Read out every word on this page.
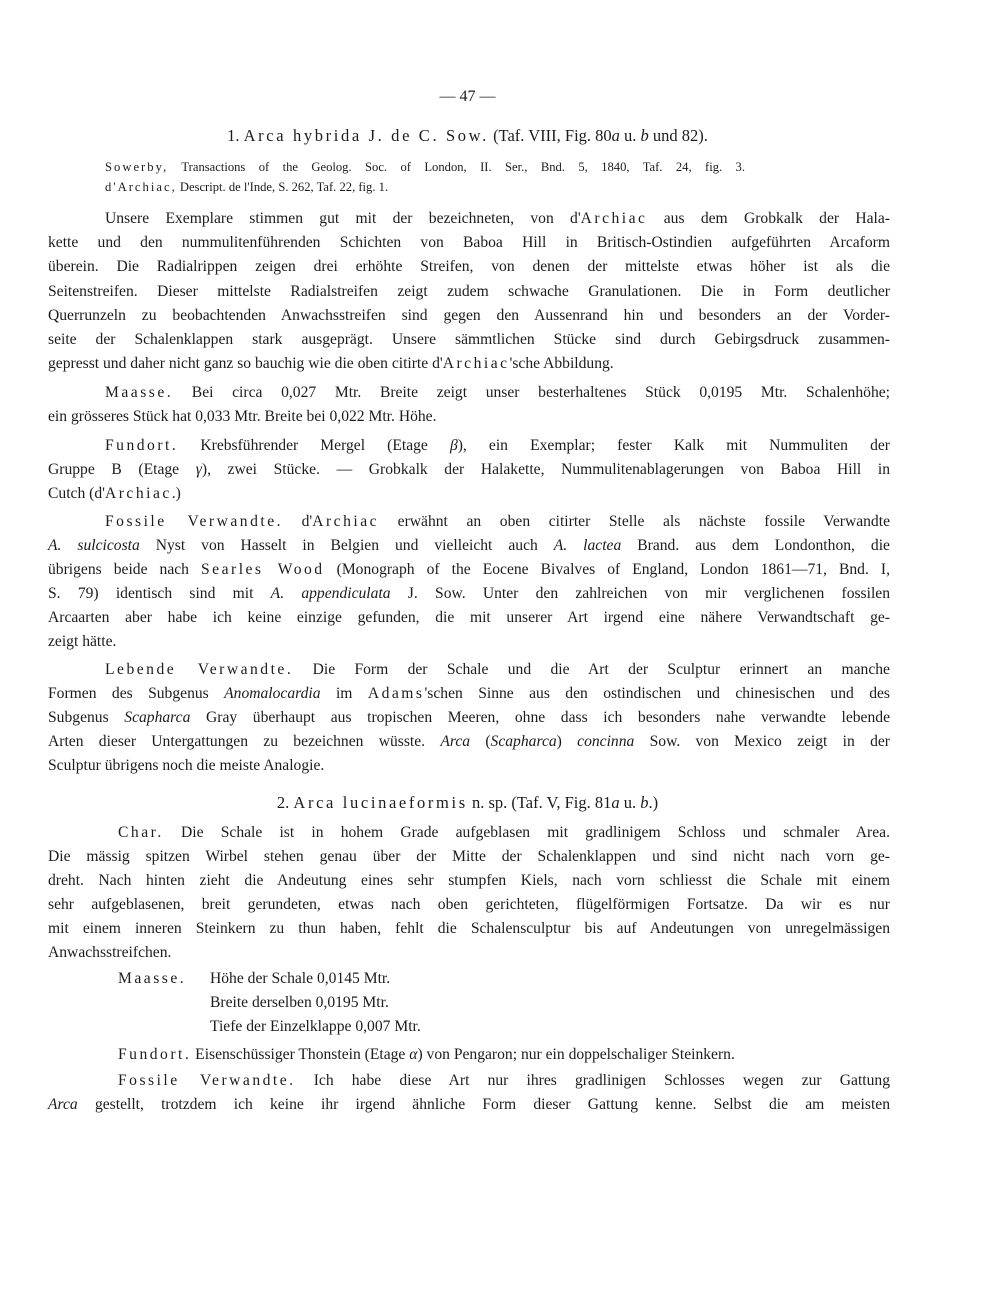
— 47 —
1. Arca hybrida J. de C. Sow. (Taf. VIII, Fig. 80a u. b und 82).
Sowerby, Transactions of the Geolog. Soc. of London, II. Ser., Bnd. 5, 1840, Taf. 24, fig. 3.
d'Archiac, Descript. de l'Inde, S. 262, Taf. 22, fig. 1.
Unsere Exemplare stimmen gut mit der bezeichneten, von d'Archiac aus dem Grobkalk der Hala-
kette und den nummulitenführenden Schichten von Baboa Hill in Britisch-Ostindien aufgeführten Arcaform
überein. Die Radialrippen zeigen drei erhöhte Streifen, von denen der mittelste etwas höher ist als die
Seitenstreifen. Dieser mittelste Radialstreifen zeigt zudem schwache Granulationen. Die in Form deutlicher
Querrunzeln zu beobachtenden Anwachsstreifen sind gegen den Aussenrand hin und besonders an der Vorder-
seite der Schalenklappen stark ausgeprägt. Unsere sämmtlichen Stücke sind durch Gebirgsdruck zusammen-
gepresst und daher nicht ganz so bauchig wie die oben citirte d'Archiac'sche Abbildung.
Maasse. Bei circa 0,027 Mtr. Breite zeigt unser besterhaltenes Stück 0,0195 Mtr. Schalenhöhe;
ein grösseres Stück hat 0,033 Mtr. Breite bei 0,022 Mtr. Höhe.
Fundort. Krebsführender Mergel (Etage β), ein Exemplar; fester Kalk mit Nummuliten der
Gruppe B (Etage γ), zwei Stücke. — Grobkalk der Halakette, Nummulitenablagerungen von Baboa Hill in
Cutch (d'Archiac.)
Fossile Verwandte. d'Archiac erwähnt an oben citirter Stelle als nächste fossile Verwandte
A. sulcicosta Nyst von Hasselt in Belgien und vielleicht auch A. lactea Brand. aus dem Londonthon, die
übrigens beide nach Searles Wood (Monograph of the Eocene Bivalves of England, London 1861—71, Bnd. I,
S. 79) identisch sind mit A. appendiculata J. Sow. Unter den zahlreichen von mir verglichenen fossilen
Arcaarten aber habe ich keine einzige gefunden, die mit unserer Art irgend eine nähere Verwandtschaft ge-
zeigt hätte.
Lebende Verwandte. Die Form der Schale und die Art der Sculptur erinnert an manche
Formen des Subgenus Anomalocardia im Adams'schen Sinne aus den ostindischen und chinesischen und des
Subgenus Scapharca Gray überhaupt aus tropischen Meeren, ohne dass ich besonders nahe verwandte lebende
Arten dieser Untergattungen zu bezeichnen wüsste. Arca (Scapharca) concinna Sow. von Mexico zeigt in der
Sculptur übrigens noch die meiste Analogie.
2. Arca lucinaeformis n. sp. (Taf. V, Fig. 81a u. b.)
Char. Die Schale ist in hohem Grade aufgeblasen mit gradlinigem Schloss und schmaler Area.
Die mässig spitzen Wirbel stehen genau über der Mitte der Schalenklappen und sind nicht nach vorn ge-
dreht. Nach hinten zieht die Andeutung eines sehr stumpfen Kiels, nach vorn schliesst die Schale mit einem
sehr aufgeblasenen, breit gerundeten, etwas nach oben gerichteten, flügelförmigen Fortsatze. Da wir es nur
mit einem inneren Steinkern zu thun haben, fehlt die Schalensculptur bis auf Andeutungen von unregelmässigen
Anwachsstreifchen.
Maasse. Höhe der Schale 0,0145 Mtr.
Breite derselben 0,0195 Mtr.
Tiefe der Einzelklappe 0,007 Mtr.
Fundort. Eisenschüssiger Thonstein (Etage α) von Pengaron; nur ein doppelschaliger Steinkern.
Fossile Verwandte. Ich habe diese Art nur ihres gradlinigen Schlosses wegen zur Gattung
Arca gestellt, trotzdem ich keine ihr irgend ähnliche Form dieser Gattung kenne. Selbst die am meisten
